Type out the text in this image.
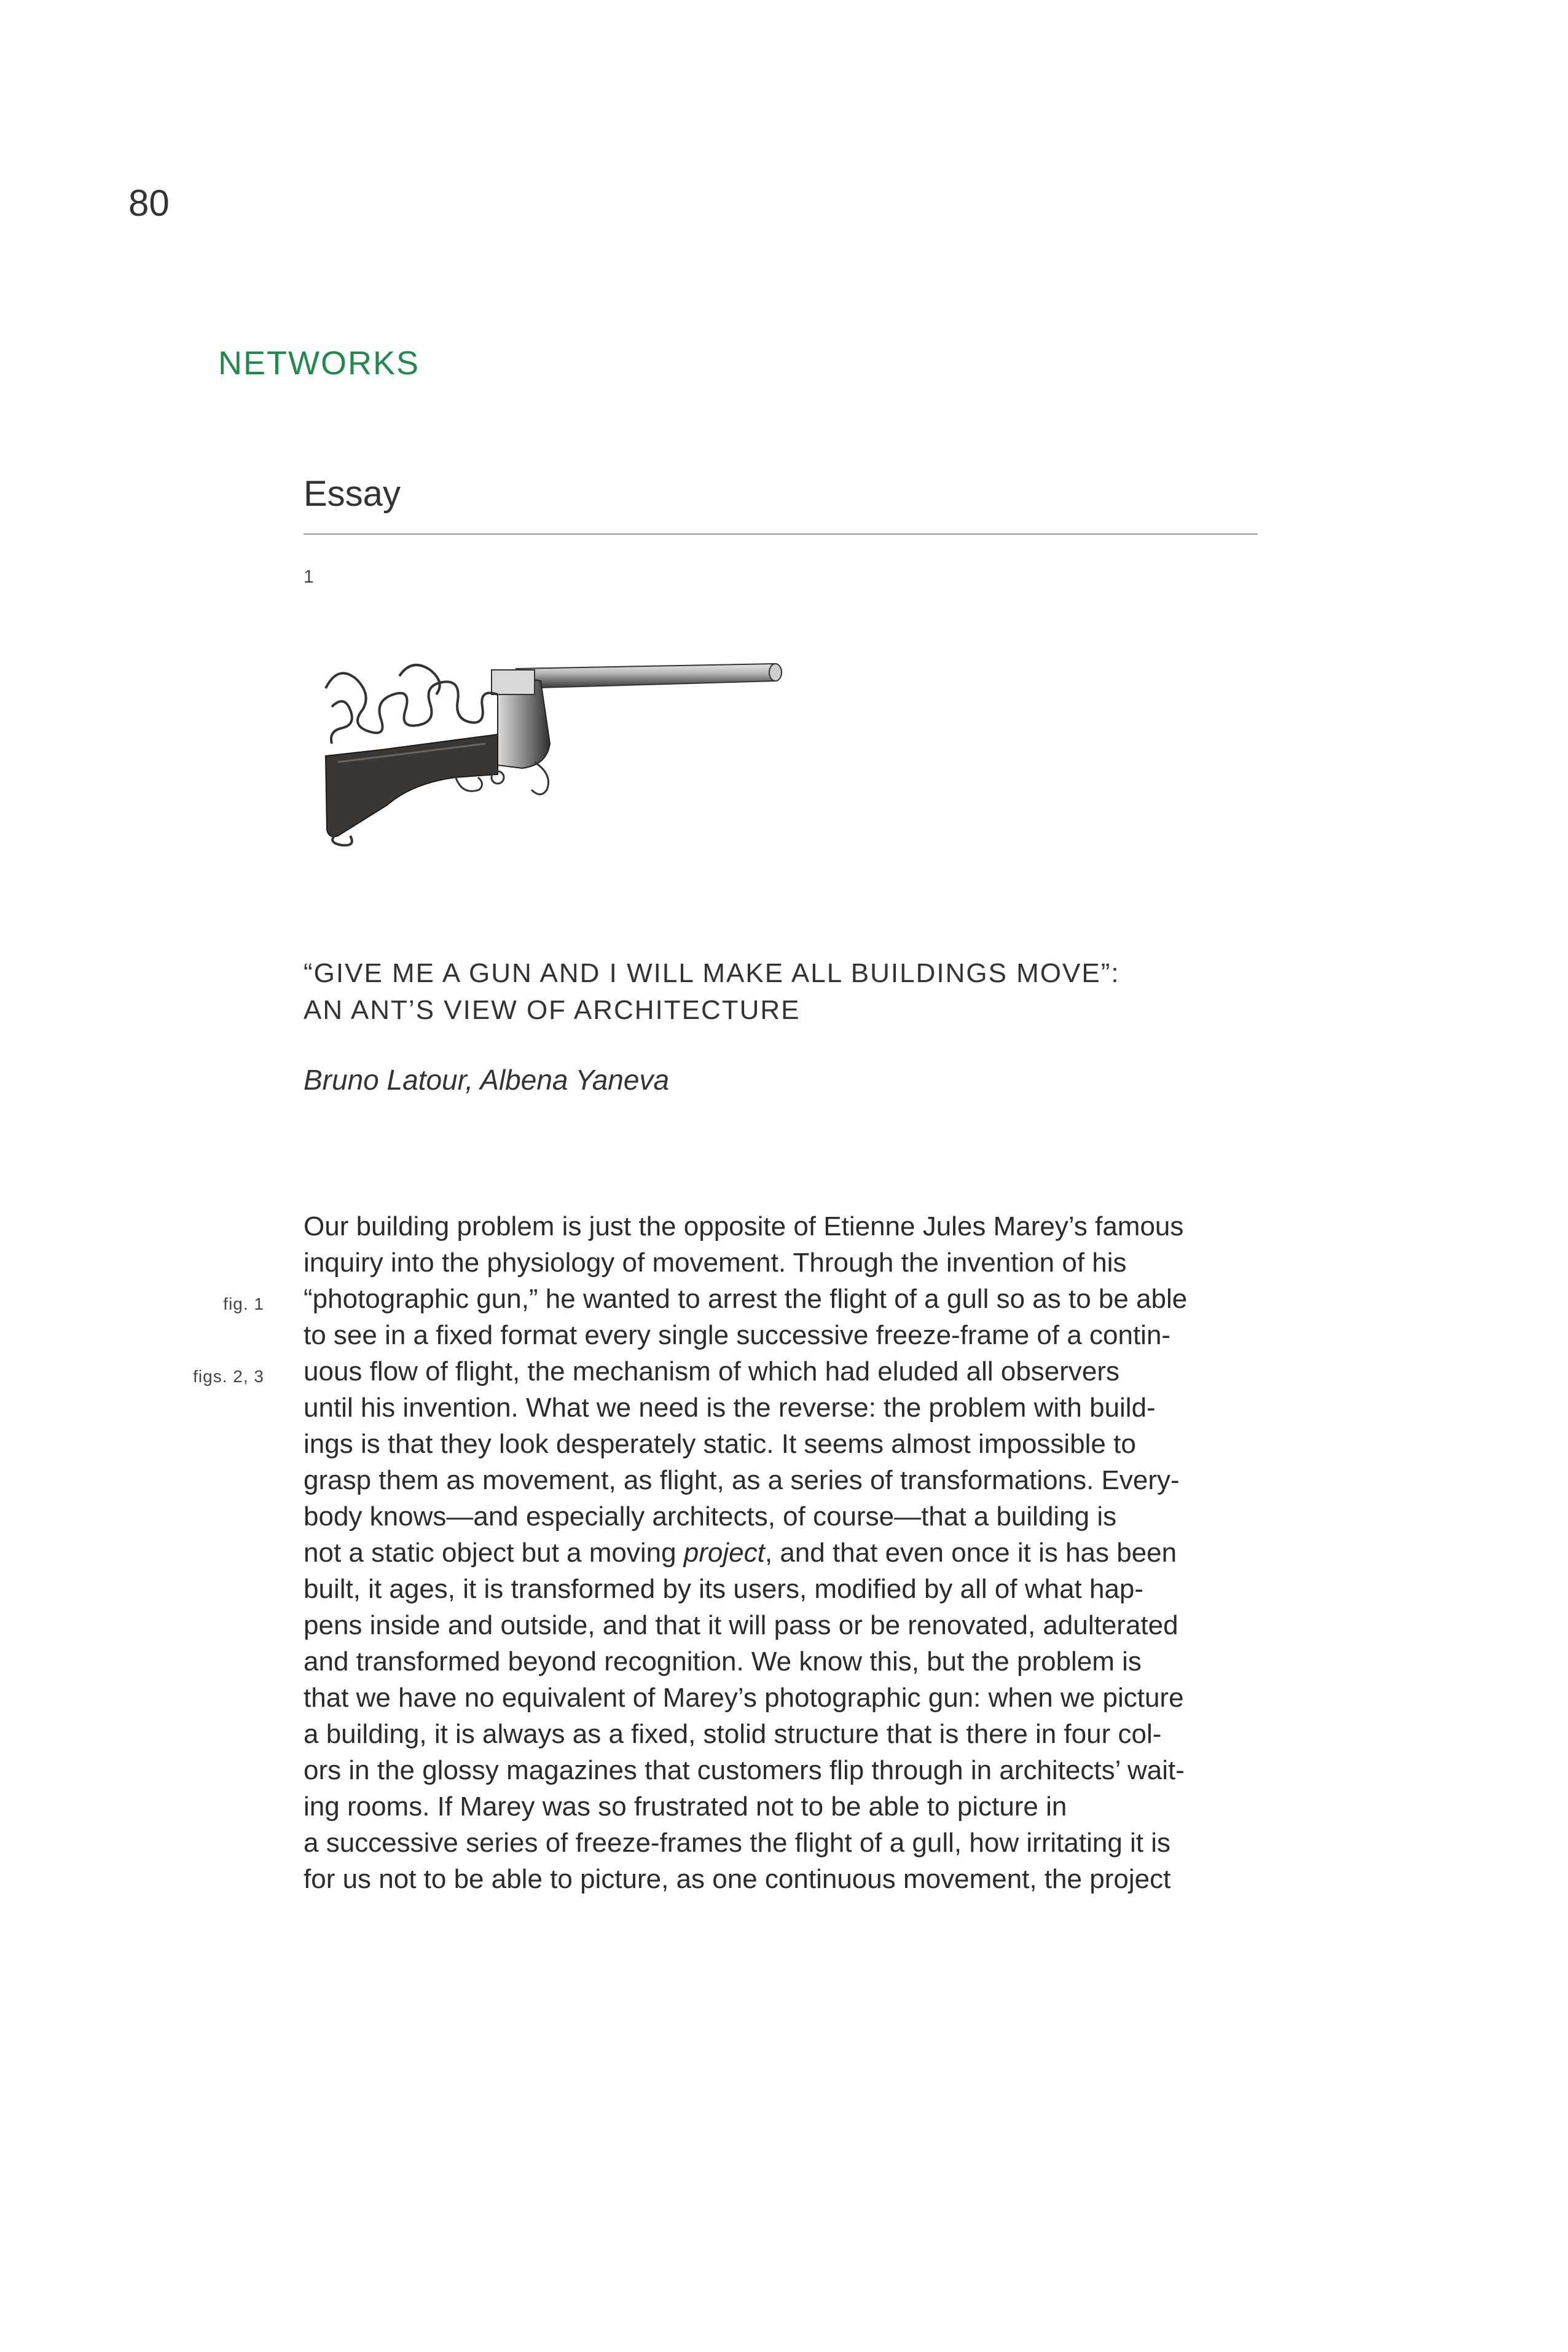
80
NETWORKS
Essay
1
“GIVE ME A GUN AND I WILL MAKE ALL BUILDINGS MOVE”:
AN ANT’S VIEW OF ARCHITECTURE
Bruno Latour, Albena Yaneva
fig. 1
figs. 2, 3
Our building problem is just the opposite of Etienne Jules Marey’s famous
inquiry into the physiology of movement. Through the invention of his
“photographic gun,” he wanted to arrest the flight of a gull so as to be able
to see in a fixed format every single successive freeze-frame of a contin-
uous flow of flight, the mechanism of which had eluded all observers
until his invention. What we need is the reverse: the problem with build-
ings is that they look desperately static. It seems almost impossible to
grasp them as movement, as flight, as a series of transformations. Every-
body knows—and especially architects, of course—that a building is
not a static object but a moving project, and that even once it is has been
built, it ages, it is transformed by its users, modified by all of what hap-
pens inside and outside, and that it will pass or be renovated, adulterated
and transformed beyond recognition. We know this, but the problem is
that we have no equivalent of Marey’s photographic gun: when we picture
a building, it is always as a fixed, stolid structure that is there in four col-
ors in the glossy magazines that customers flip through in architects’ wait-
ing rooms. If Marey was so frustrated not to be able to picture in
a successive series of freeze-frames the flight of a gull, how irritating it is
for us not to be able to picture, as one continuous movement, the project
